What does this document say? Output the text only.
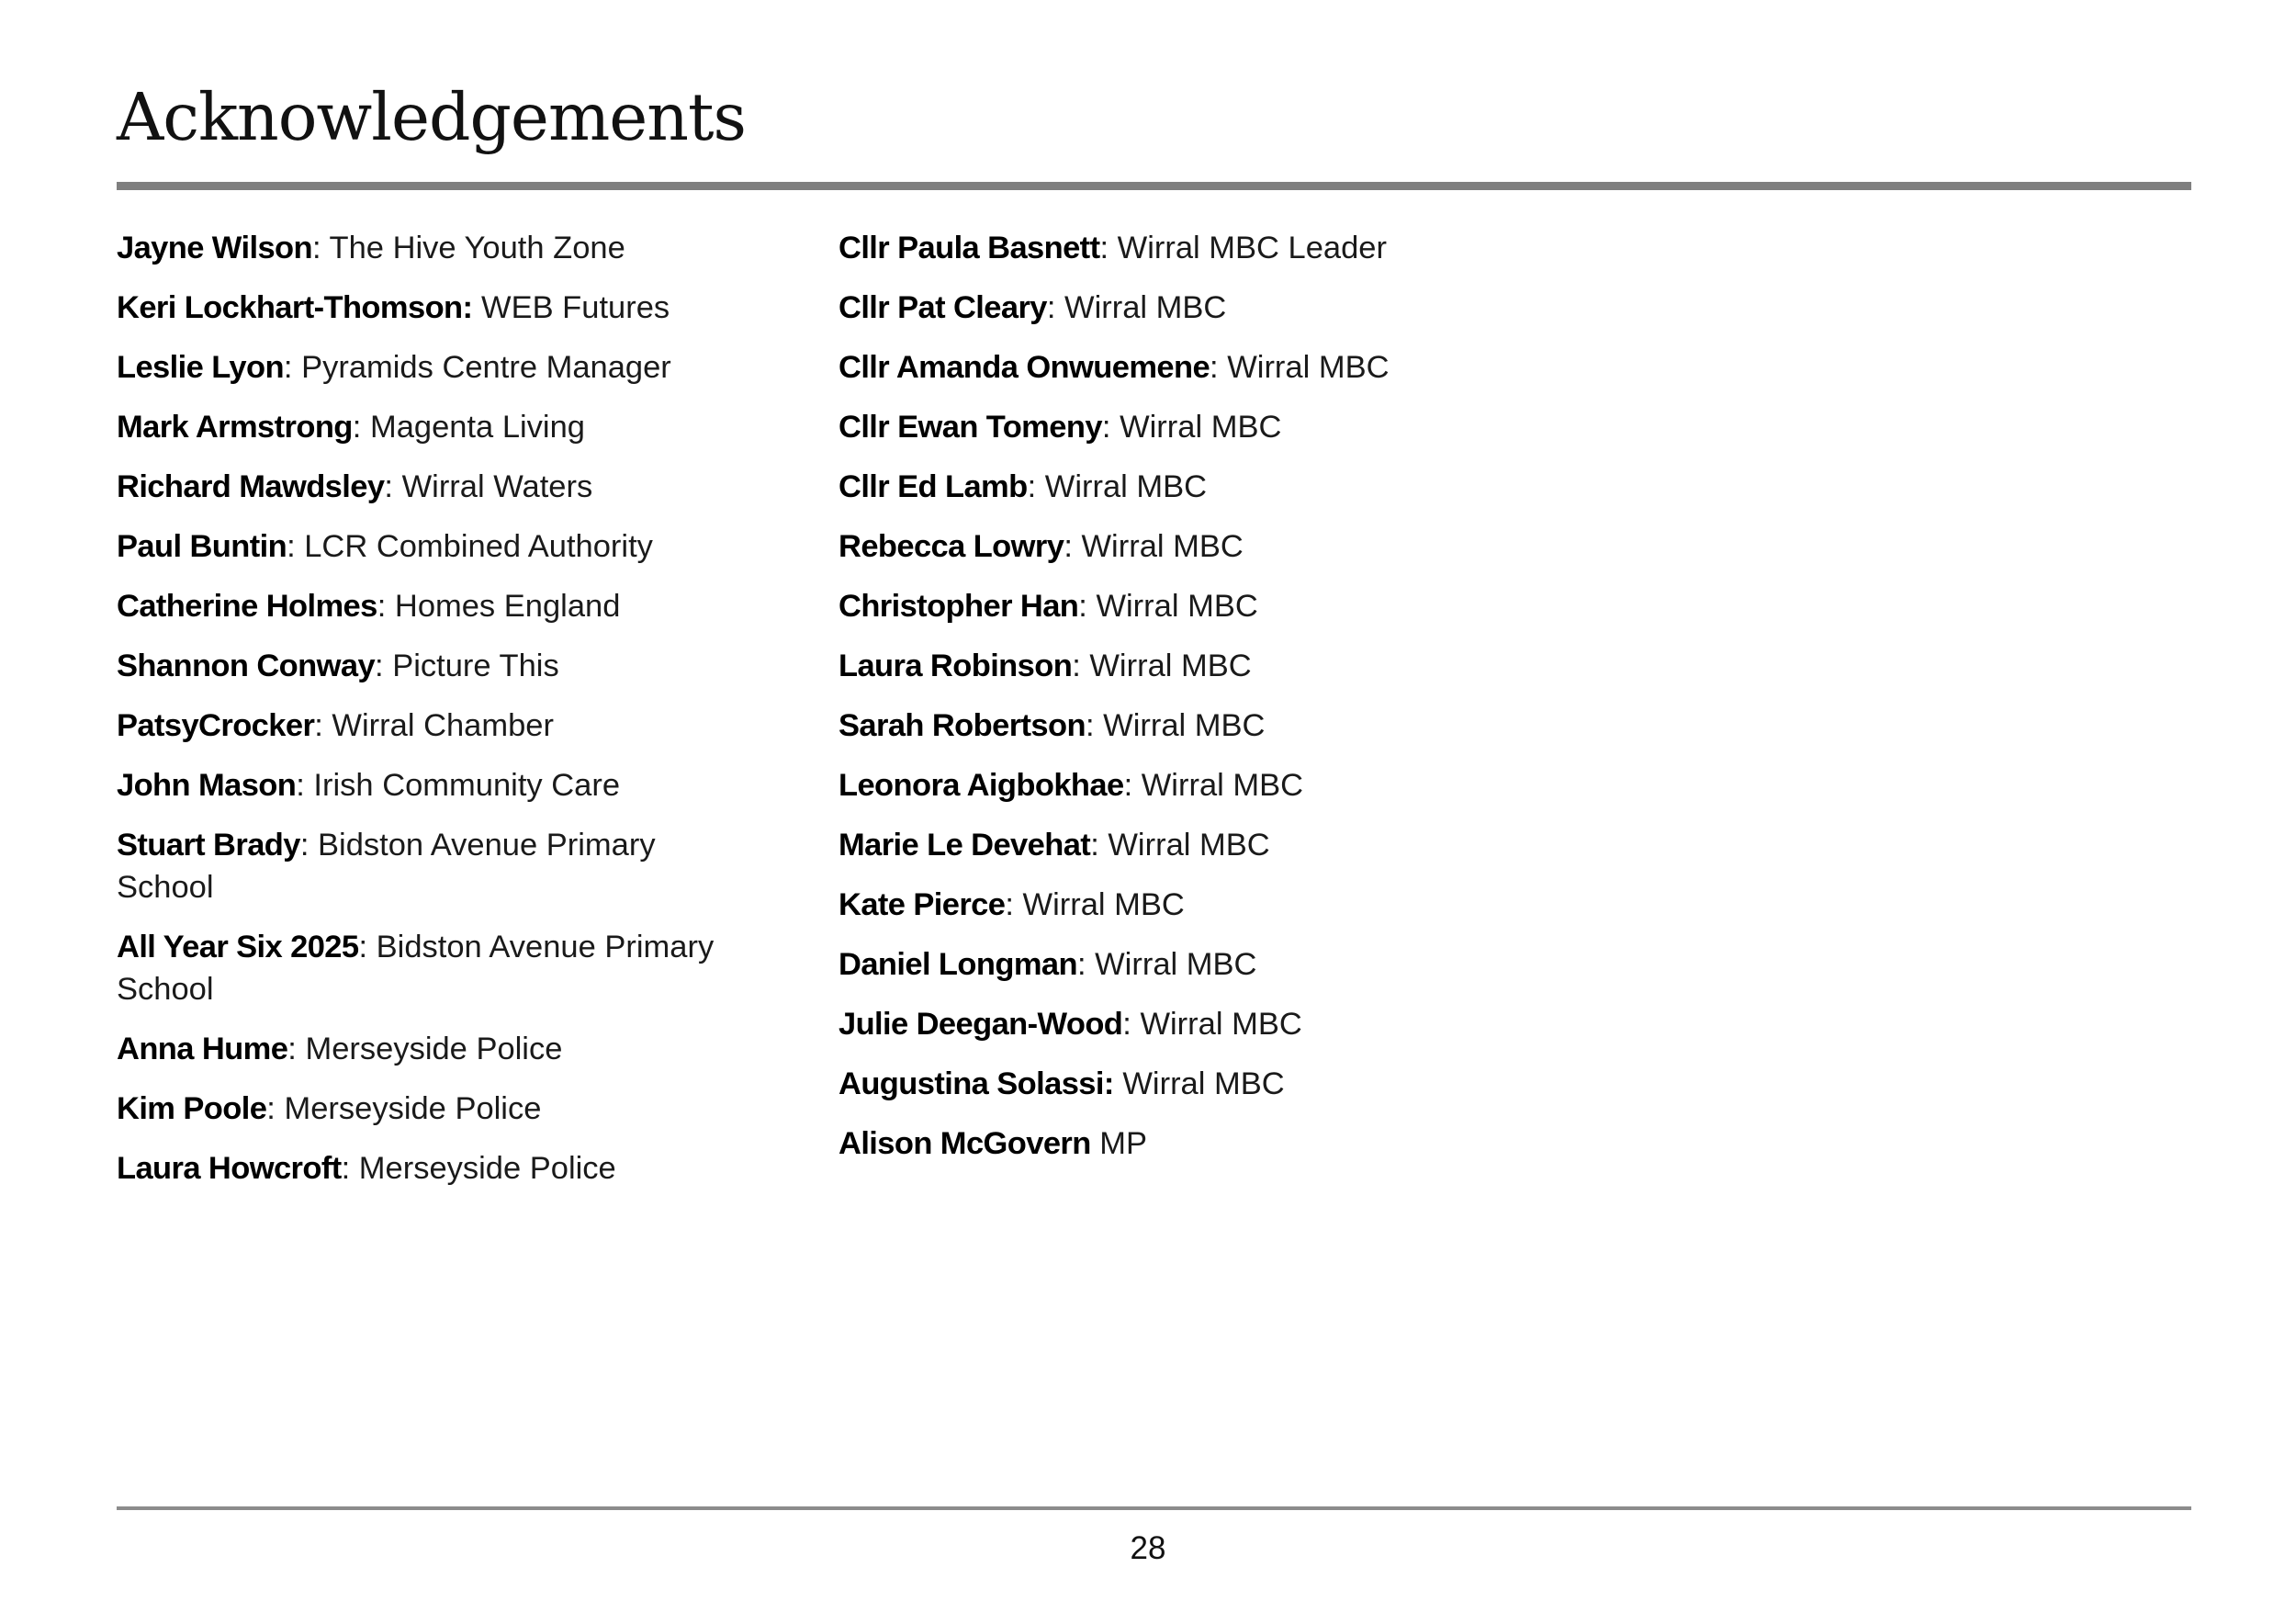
Acknowledgements
Jayne Wilson: The Hive Youth Zone
Keri Lockhart-Thomson: WEB Futures
Leslie Lyon: Pyramids Centre Manager
Mark Armstrong: Magenta Living
Richard Mawdsley: Wirral Waters
Paul Buntin: LCR Combined Authority
Catherine Holmes: Homes England
Shannon Conway: Picture This
PatsyCrocker: Wirral Chamber
John Mason: Irish Community Care
Stuart Brady: Bidston Avenue Primary School
All Year Six 2025: Bidston Avenue Primary School
Anna Hume: Merseyside Police
Kim Poole: Merseyside Police
Laura Howcroft: Merseyside Police
Cllr Paula Basnett: Wirral MBC Leader
Cllr Pat Cleary: Wirral MBC
Cllr Amanda Onwuemene: Wirral MBC
Cllr Ewan Tomeny: Wirral MBC
Cllr Ed Lamb: Wirral MBC
Rebecca Lowry: Wirral MBC
Christopher Han: Wirral MBC
Laura Robinson: Wirral MBC
Sarah Robertson: Wirral MBC
Leonora Aigbokhae: Wirral MBC
Marie Le Devehat: Wirral MBC
Kate Pierce: Wirral MBC
Daniel Longman: Wirral MBC
Julie Deegan-Wood: Wirral MBC
Augustina Solassi: Wirral MBC
Alison McGovern MP
28
